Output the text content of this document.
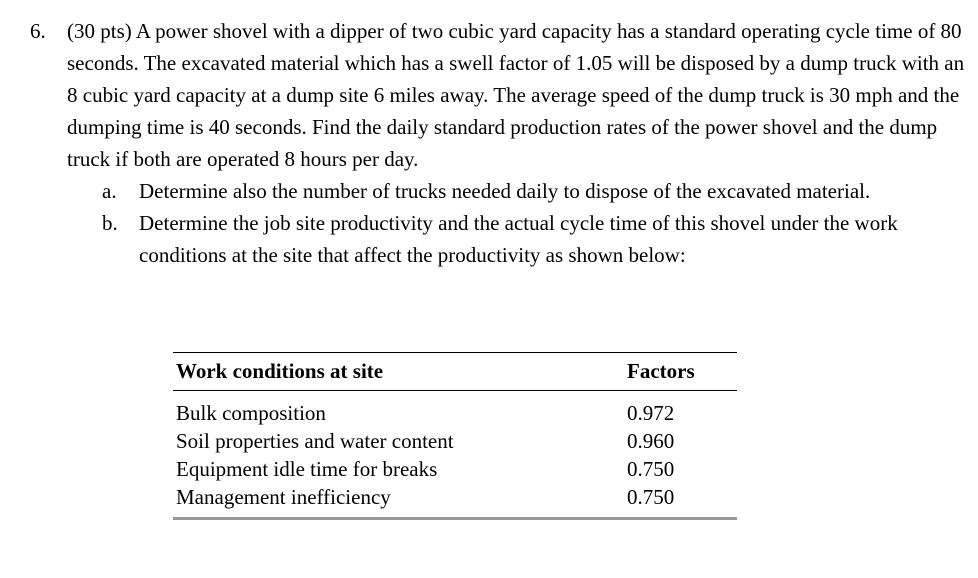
6.	(30 pts) A power shovel with a dipper of two cubic yard capacity has a standard operating cycle time of 80 seconds. The excavated material which has a swell factor of 1.05 will be disposed by a dump truck with an 8 cubic yard capacity at a dump site 6 miles away. The average speed of the dump truck is 30 mph and the dumping time is 40 seconds. Find the daily standard production rates of the power shovel and the dump truck if both are operated 8 hours per day.
a.	Determine also the number of trucks needed daily to dispose of the excavated material.
b.	Determine the job site productivity and the actual cycle time of this shovel under the work conditions at the site that affect the productivity as shown below:
Work conditions at site	Factors
Bulk composition	0.972
Soil properties and water content	0.960
Equipment idle time for breaks	0.750
Management inefficiency	0.750
